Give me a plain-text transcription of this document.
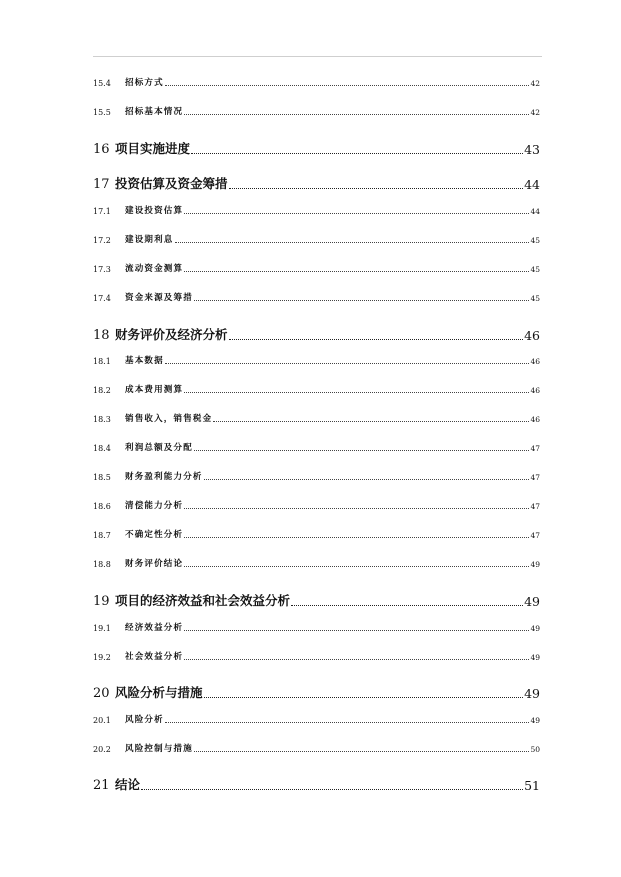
15.4	招标方式	42
15.5	招标基本情况	42
16 项目实施进度	43
17 投资估算及资金筹措	44
17.1	建设投资估算	44
17.2	建设期利息	45
17.3	流动资金测算	45
17.4	资金来源及筹措	45
18 财务评价及经济分析	46
18.1	基本数据	46
18.2	成本费用测算	46
18.3	销售收入，销售税金	46
18.4	利润总额及分配	47
18.5	财务盈利能力分析	47
18.6	清偿能力分析	47
18.7	不确定性分析	47
18.8	财务评价结论	49
19 项目的经济效益和社会效益分析	49
19.1	经济效益分析	49
19.2	社会效益分析	49
20 风险分析与措施	49
20.1	风险分析	49
20.2	风险控制与措施	50
21 结论	51
